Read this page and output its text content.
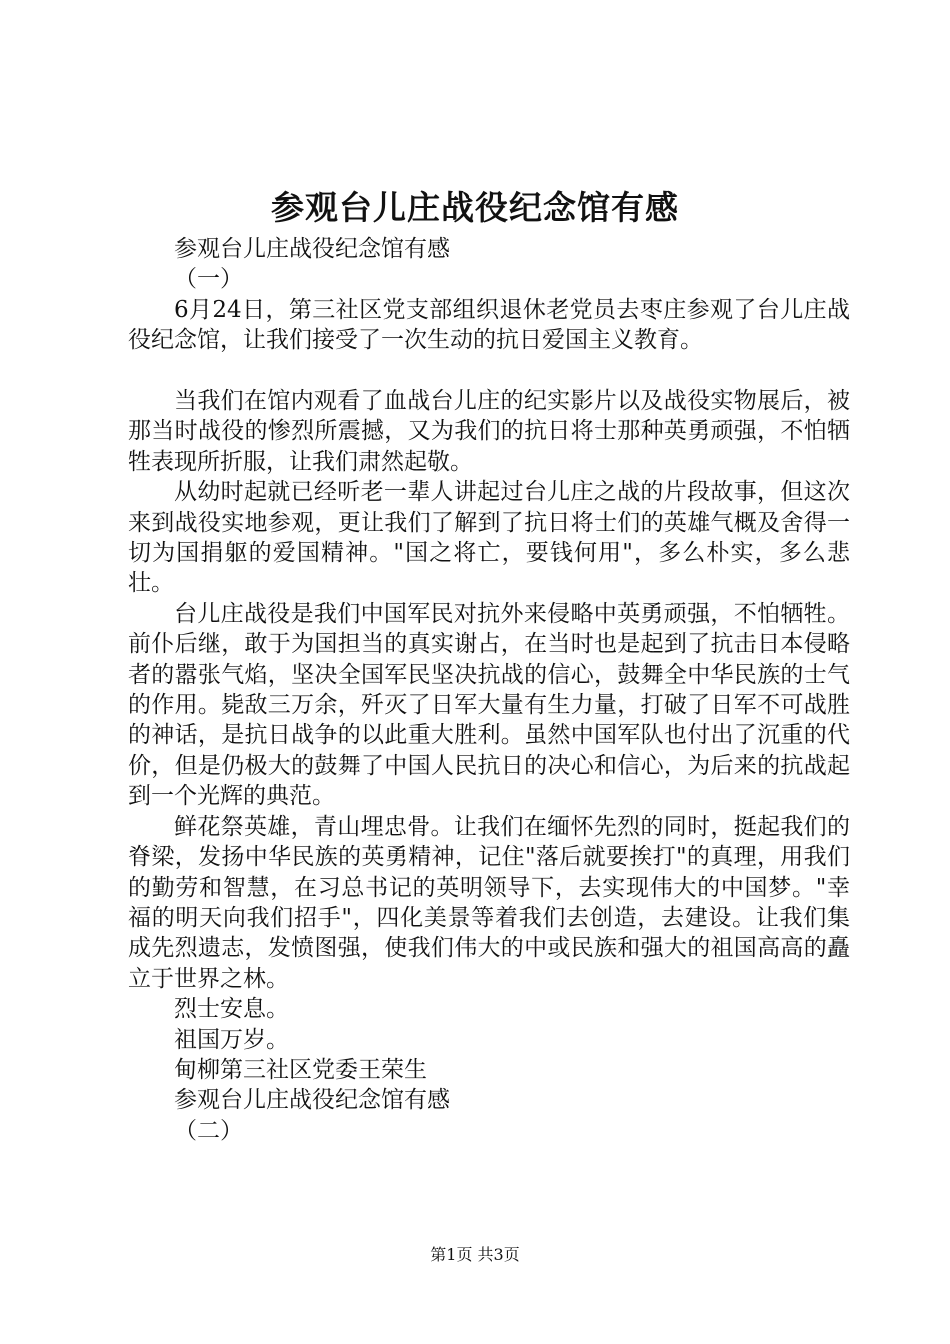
参观台儿庄战役纪念馆有感

参观台儿庄战役纪念馆有感

（一）

6月24日，第三社区党支部组织退休老党员去枣庄参观了台儿庄战役纪念馆，让我们接受了一次生动的抗日爱国主义教育。

当我们在馆内观看了血战台儿庄的纪实影片以及战役实物展后，被那当时战役的惨烈所震撼，又为我们的抗日将士那种英勇顽强，不怕牺牲表现所折服，让我们肃然起敬。

从幼时起就已经听老一辈人讲起过台儿庄之战的片段故事，但这次来到战役实地参观，更让我们了解到了抗日将士们的英雄气概及舍得一切为国捐躯的爱国精神。"国之将亡，要钱何用"，多么朴实，多么悲壮。

台儿庄战役是我们中国军民对抗外来侵略中英勇顽强，不怕牺牲。前仆后继，敢于为国担当的真实谢占，在当时也是起到了抗击日本侵略者的嚣张气焰，坚决全国军民坚决抗战的信心，鼓舞全中华民族的士气的作用。毙敌三万余，歼灭了日军大量有生力量，打破了日军不可战胜的神话，是抗日战争的以此重大胜利。虽然中国军队也付出了沉重的代价，但是仍极大的鼓舞了中国人民抗日的决心和信心，为后来的抗战起到一个光辉的典范。

鲜花祭英雄，青山埋忠骨。让我们在缅怀先烈的同时，挺起我们的脊梁，发扬中华民族的英勇精神，记住"落后就要挨打"的真理，用我们的勤劳和智慧，在习总书记的英明领导下，去实现伟大的中国梦。"幸福的明天向我们招手"，四化美景等着我们去创造，去建设。让我们集成先烈遗志，发愤图强，使我们伟大的中或民族和强大的祖国高高的矗立于世界之林。

烈士安息。

祖国万岁。

甸柳第三社区党委王荣生

参观台儿庄战役纪念馆有感

（二）

第1页 共3页
